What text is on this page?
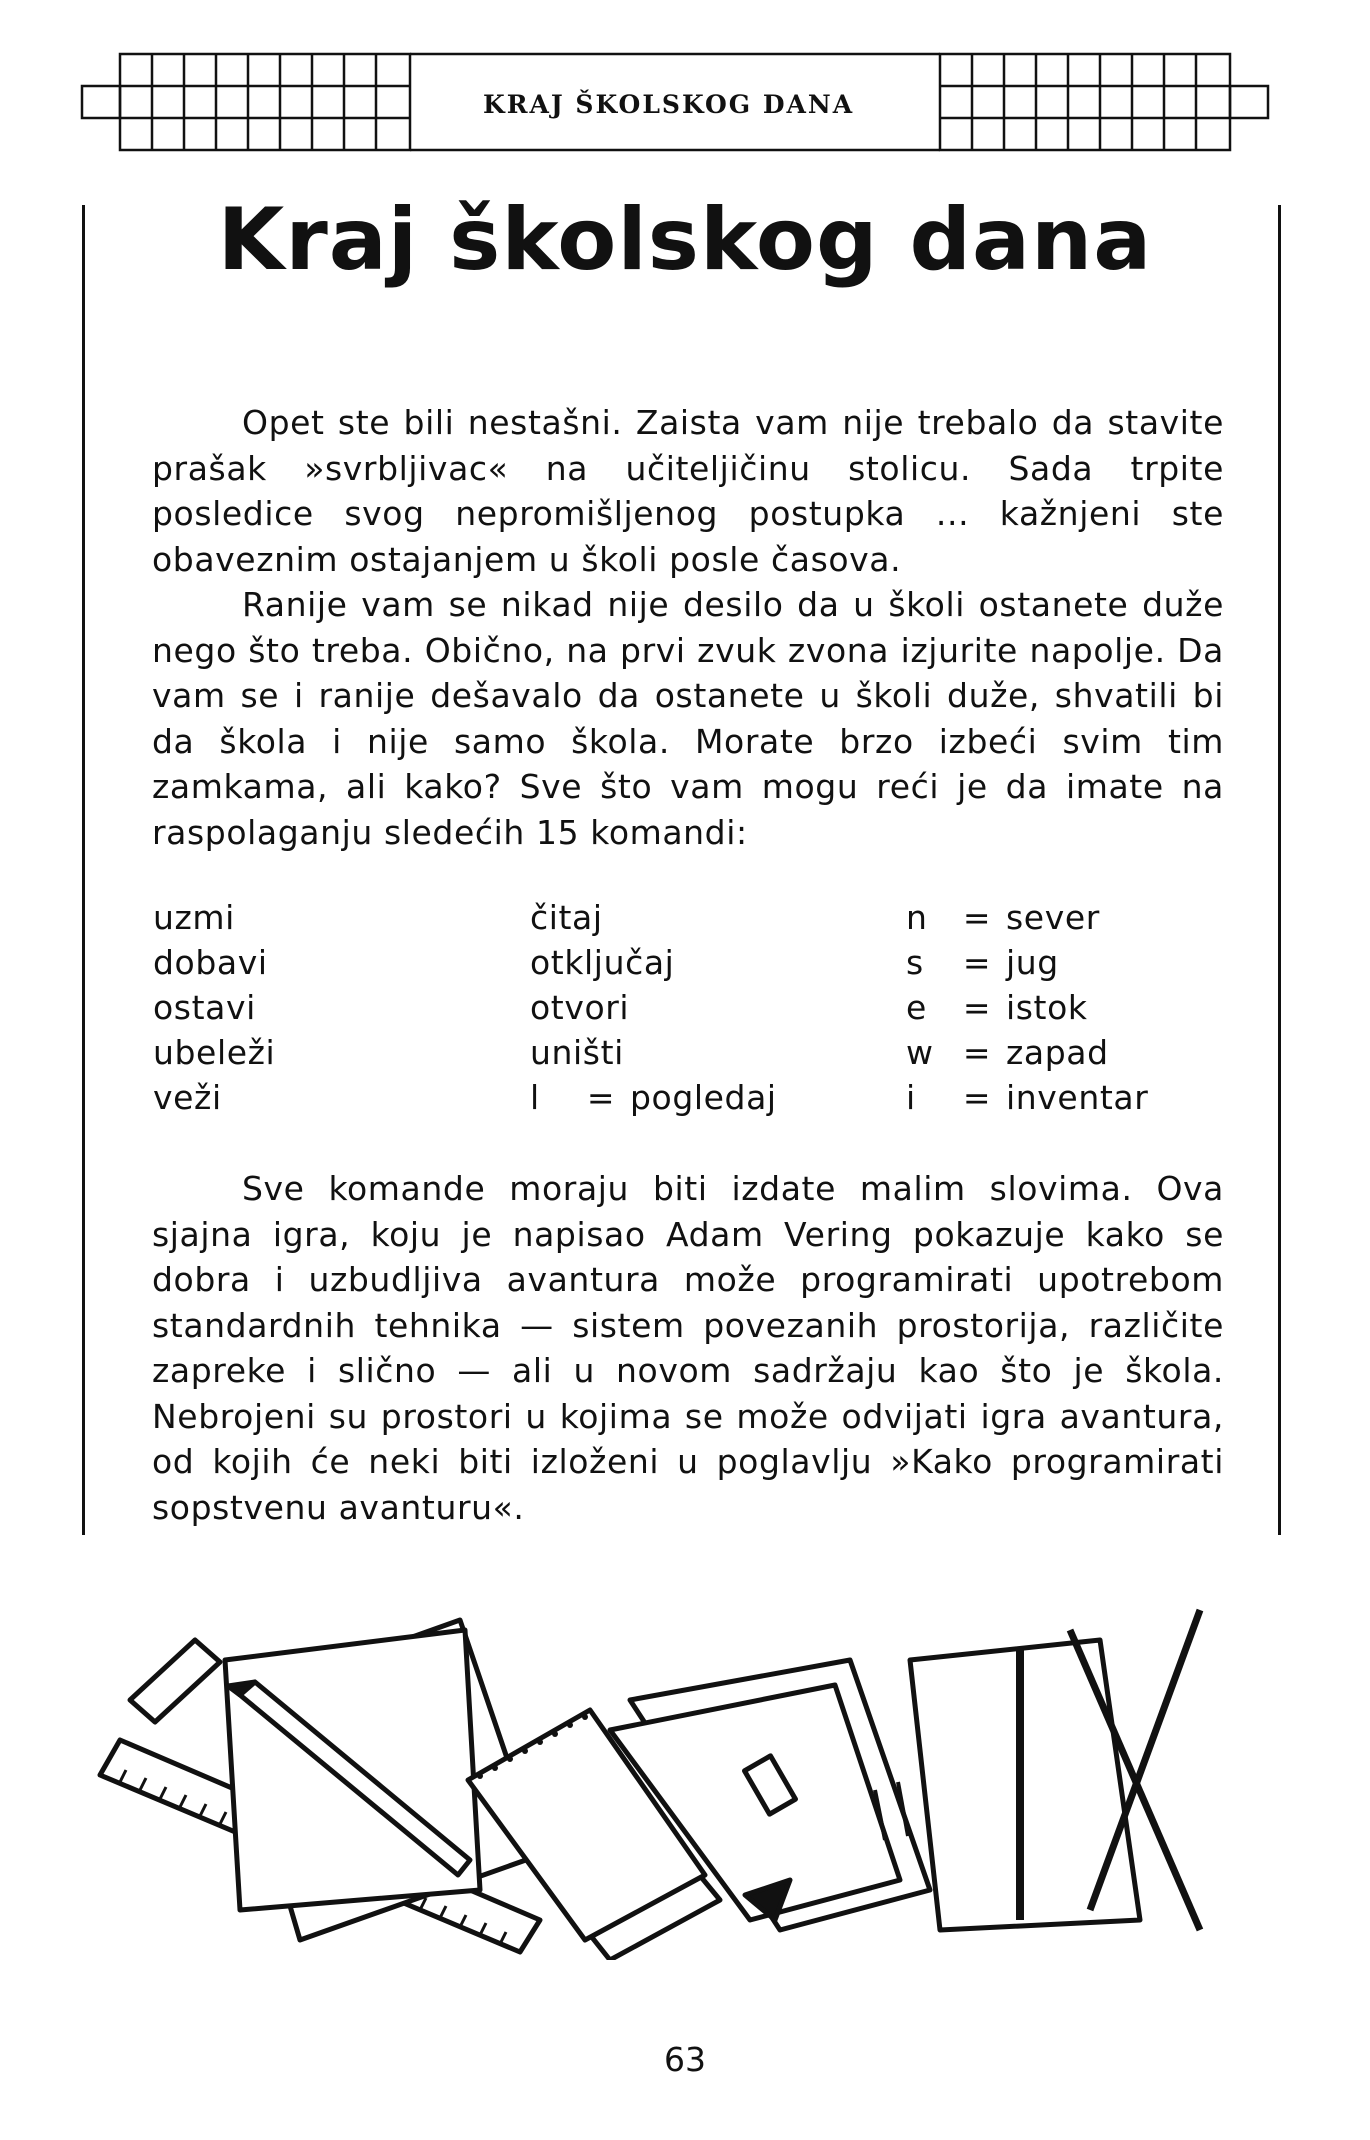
KRAJ ŠKOLSKOG DANA
Kraj školskog dana

Opet ste bili nestašni. Zaista vam nije trebalo da stavite prašak »svrbljivac« na učiteljičinu stolicu. Sada trpite posledice svog nepromišljenog postupka ... kažnjeni ste obaveznim ostajanjem u školi posle časova.

Ranije vam se nikad nije desilo da u školi ostanete duže nego što treba. Obično, na prvi zvuk zvona izjurite napolje. Da vam se i ranije dešavalo da ostanete u školi duže, shvatili bi da škola i nije samo škola. Morate brzo izbeći svim tim zamkama, ali kako? Sve što vam mogu reći je da imate na raspolaganju sledećih 15 komandi:

uzmi
dobavi
ostavi
ubeleži
veži
čitaj
otključaj
otvori
uništi
l = pogledaj
n = sever
s = jug
e = istok
w = zapad
i = inventar

Sve komande moraju biti izdate malim slovima. Ova sjajna igra, koju je napisao Adam Vering pokazuje kako se dobra i uzbudljiva avantura može programirati upotrebom standardnih tehnika — sistem povezanih prostorija, različite zapreke i slično — ali u novom sadržaju kao što je škola. Nebrojeni su prostori u kojima se može odvijati igra avantura, od kojih će neki biti izloženi u poglavlju »Kako programirati sopstvenu avanturu«.

63
